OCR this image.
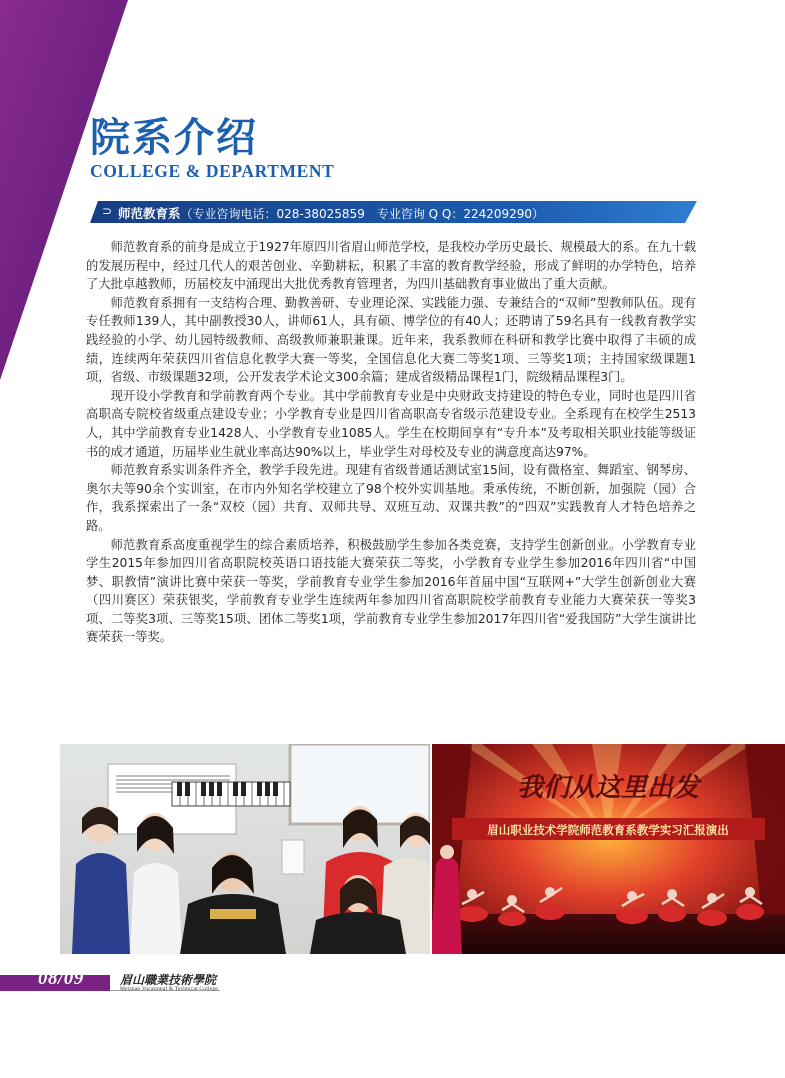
院系介绍
COLLEGE & DEPARTMENT
⊃ 师范教育系（专业咨询电话：028-38025859　专业咨询 Q Q：224209290）

师范教育系的前身是成立于1927年原四川省眉山师范学校，是我校办学历史最长、规模最大的系。在九十载的发展历程中，经过几代人的艰苦创业、辛勤耕耘，积累了丰富的教育教学经验，形成了鲜明的办学特色，培养了大批卓越教师，历届校友中涌现出大批优秀教育管理者，为四川基础教育事业做出了重大贡献。

师范教育系拥有一支结构合理、勤教善研、专业理论深、实践能力强、专兼结合的“双师”型教师队伍。现有专任教师139人，其中副教授30人，讲师61人，具有硕、博学位的有40人；还聘请了59名具有一线教育教学实践经验的小学、幼儿园特级教师、高级教师兼职兼课。近年来，我系教师在科研和教学比赛中取得了丰硕的成绩，连续两年荣获四川省信息化教学大赛一等奖，全国信息化大赛二等奖1项、三等奖1项；主持国家级课题1项，省级、市级课题32项，公开发表学术论文300余篇；建成省级精品课程1门，院级精品课程3门。

现开设小学教育和学前教育两个专业。其中学前教育专业是中央财政支持建设的特色专业，同时也是四川省高职高专院校省级重点建设专业；小学教育专业是四川省高职高专省级示范建设专业。全系现有在校学生2513人，其中学前教育专业1428人、小学教育专业1085人。学生在校期间享有“专升本”及考取相关职业技能等级证书的成才通道，历届毕业生就业率高达90%以上，毕业学生对母校及专业的满意度高达97%。

师范教育系实训条件齐全，教学手段先进。现建有省级普通话测试室15间，设有微格室、舞蹈室、钢琴房、奥尔夫等90余个实训室，在市内外知名学校建立了98个校外实训基地。秉承传统，不断创新，加强院（园）合作，我系探索出了一条“双校（园）共育、双师共导、双班互动、双课共教”的“四双”实践教育人才特色培养之路。

师范教育系高度重视学生的综合素质培养，积极鼓励学生参加各类竞赛，支持学生创新创业。小学教育专业学生2015年参加四川省高职院校英语口语技能大赛荣获二等奖，小学教育专业学生参加2016年四川省“中国梦、职教情”演讲比赛中荣获一等奖，学前教育专业学生参加2016年首届中国“互联网+”大学生创新创业大赛（四川赛区）荣获银奖，学前教育专业学生连续两年参加四川省高职院校学前教育专业能力大赛荣获一等奖3项、二等奖3项、三等奖15项、团体二等奖1项，学前教育专业学生参加2017年四川省“爱我国防”大学生演讲比赛荣获一等奖。

我们从这里出发
眉山职业技术学院师范教育系教学实习汇报演出
08/09	眉山職業技術學院
Meishan Vocational & Technical College
